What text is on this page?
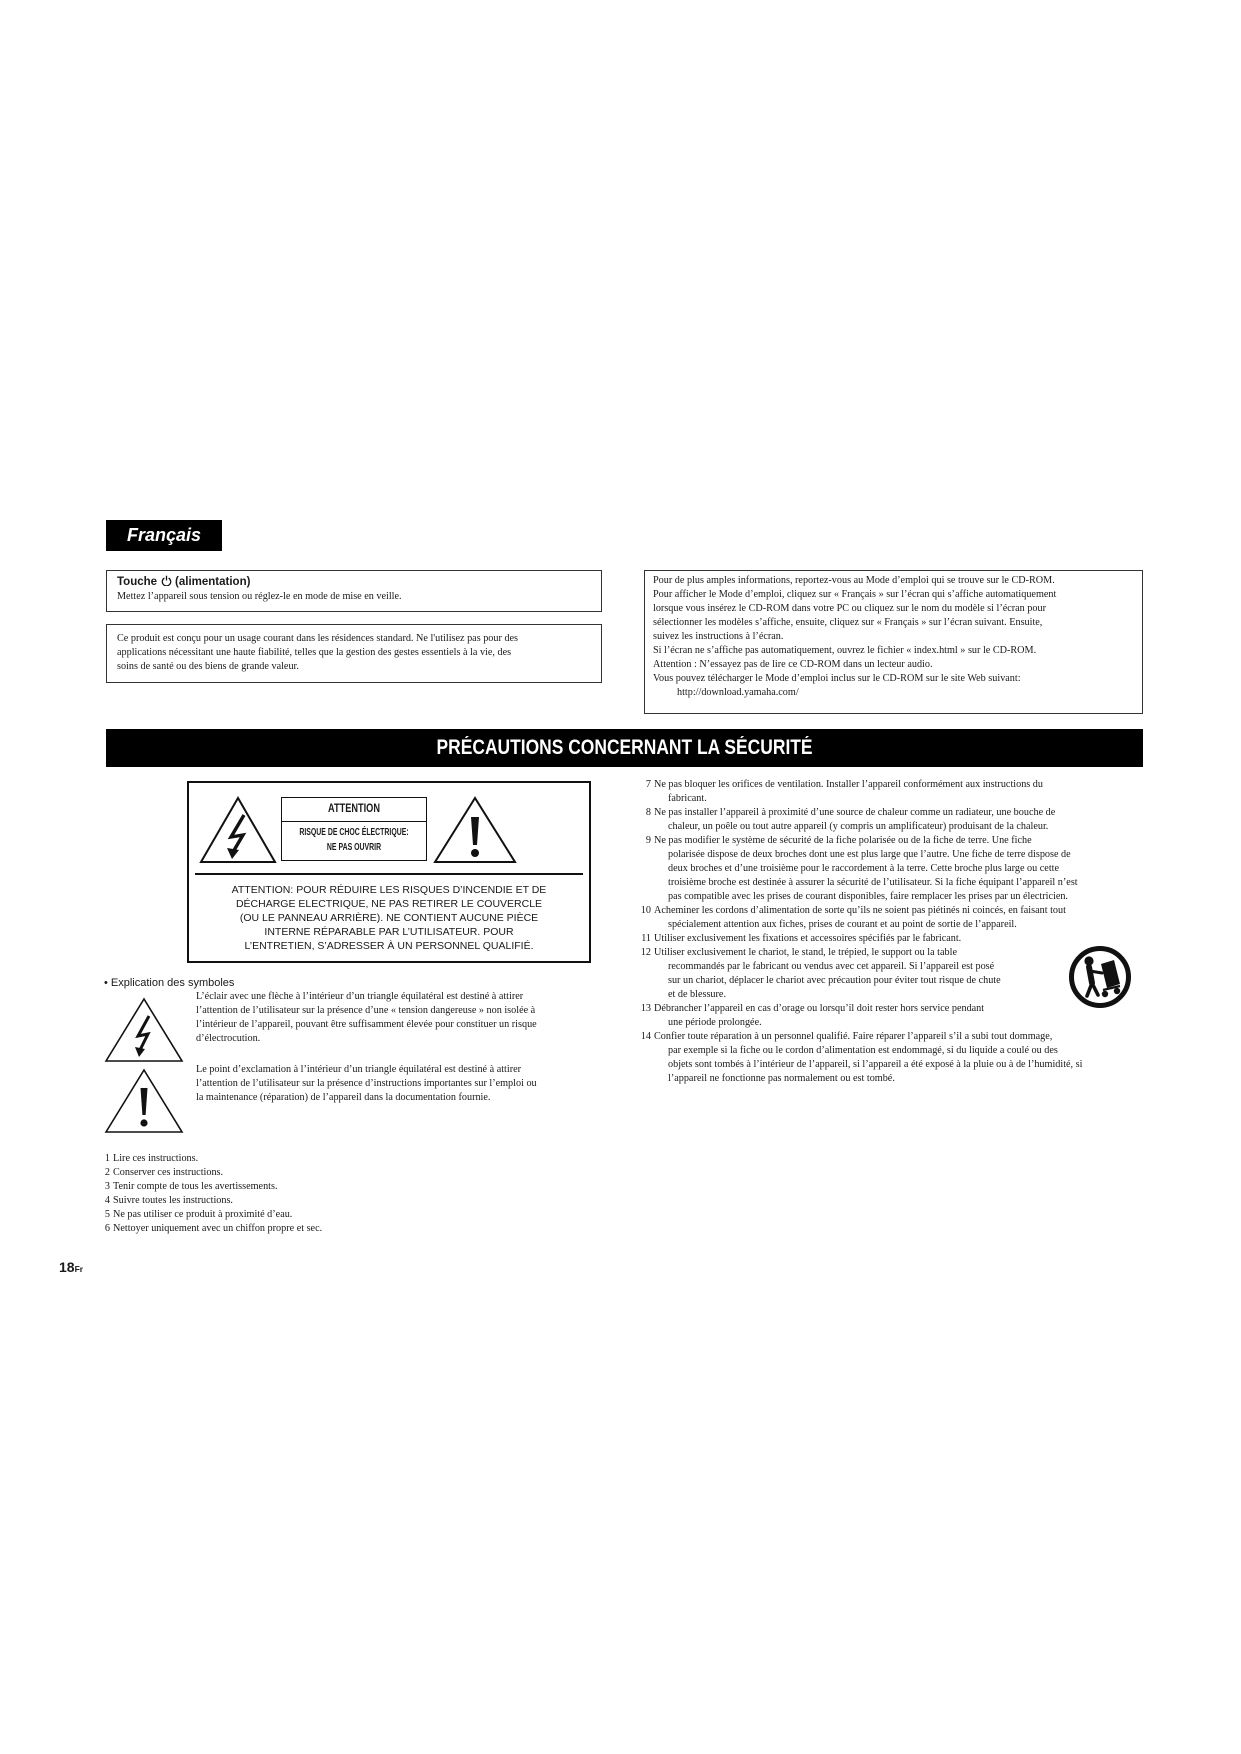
Français
Touche (alimentation)
Mettez l’appareil sous tension ou réglez-le en mode de mise en veille.
Ce produit est conçu pour un usage courant dans les résidences standard. Ne l'utilisez pas pour des
applications nécessitant une haute fiabilité, telles que la gestion des gestes essentiels à la vie, des
soins de santé ou des biens de grande valeur.
Pour de plus amples informations, reportez-vous au Mode d’emploi qui se trouve sur le CD-ROM.
Pour afficher le Mode d’emploi, cliquez sur « Français » sur l’écran qui s’affiche automatiquement
lorsque vous insérez le CD-ROM dans votre PC ou cliquez sur le nom du modèle si l’écran pour
sélectionner les modèles s’affiche, ensuite, cliquez sur « Français » sur l’écran suivant. Ensuite,
suivez les instructions à l’écran.
Si l’écran ne s’affiche pas automatiquement, ouvrez le fichier « index.html » sur le CD-ROM.
Attention : N’essayez pas de lire ce CD-ROM dans un lecteur audio.
Vous pouvez télécharger le Mode d’emploi inclus sur le CD-ROM sur le site Web suivant:
http://download.yamaha.com/
PRÉCAUTIONS CONCERNANT LA SÉCURITÉ
ATTENTION
RISQUE DE CHOC ÉLECTRIQUE:
NE PAS OUVRIR
ATTENTION: POUR RÉDUIRE LES RISQUES D’INCENDIE ET DE
DÉCHARGE ELECTRIQUE, NE PAS RETIRER LE COUVERCLE
(OU LE PANNEAU ARRIÈRE). NE CONTIENT AUCUNE PIÈCE
INTERNE RÉPARABLE PAR L’UTILISATEUR. POUR
L’ENTRETIEN, S’ADRESSER À UN PERSONNEL QUALIFIÉ.
• Explication des symboles
L’éclair avec une flèche à l’intérieur d’un triangle équilatéral est destiné à attirer
l’attention de l’utilisateur sur la présence d’une « tension dangereuse » non isolée à
l’intérieur de l’appareil, pouvant être suffisamment élevée pour constituer un risque
d’électrocution.
Le point d’exclamation à l’intérieur d’un triangle équilatéral est destiné à attirer
l’attention de l’utilisateur sur la présence d’instructions importantes sur l’emploi ou
la maintenance (réparation) de l’appareil dans la documentation fournie.
1 Lire ces instructions.
2 Conserver ces instructions.
3 Tenir compte de tous les avertissements.
4 Suivre toutes les instructions.
5 Ne pas utiliser ce produit à proximité d’eau.
6 Nettoyer uniquement avec un chiffon propre et sec.
7 Ne pas bloquer les orifices de ventilation. Installer l’appareil conformément aux instructions du
fabricant.
8 Ne pas installer l’appareil à proximité d’une source de chaleur comme un radiateur, une bouche de
chaleur, un poêle ou tout autre appareil (y compris un amplificateur) produisant de la chaleur.
9 Ne pas modifier le système de sécurité de la fiche polarisée ou de la fiche de terre. Une fiche
polarisée dispose de deux broches dont une est plus large que l’autre. Une fiche de terre dispose de
deux broches et d’une troisième pour le raccordement à la terre. Cette broche plus large ou cette
troisième broche est destinée à assurer la sécurité de l’utilisateur. Si la fiche équipant l’appareil n’est
pas compatible avec les prises de courant disponibles, faire remplacer les prises par un électricien.
10 Acheminer les cordons d’alimentation de sorte qu’ils ne soient pas piétinés ni coincés, en faisant tout
spécialement attention aux fiches, prises de courant et au point de sortie de l’appareil.
11 Utiliser exclusivement les fixations et accessoires spécifiés par le fabricant.
12 Utiliser exclusivement le chariot, le stand, le trépied, le support ou la table
recommandés par le fabricant ou vendus avec cet appareil. Si l’appareil est posé
sur un chariot, déplacer le chariot avec précaution pour éviter tout risque de chute
et de blessure.
13 Débrancher l’appareil en cas d’orage ou lorsqu’il doit rester hors service pendant
une période prolongée.
14 Confier toute réparation à un personnel qualifié. Faire réparer l’appareil s’il a subi tout dommage,
par exemple si la fiche ou le cordon d’alimentation est endommagé, si du liquide a coulé ou des
objets sont tombés à l’intérieur de l’appareil, si l’appareil a été exposé à la pluie ou à de l’humidité, si
l’appareil ne fonctionne pas normalement ou est tombé.
18Fr
